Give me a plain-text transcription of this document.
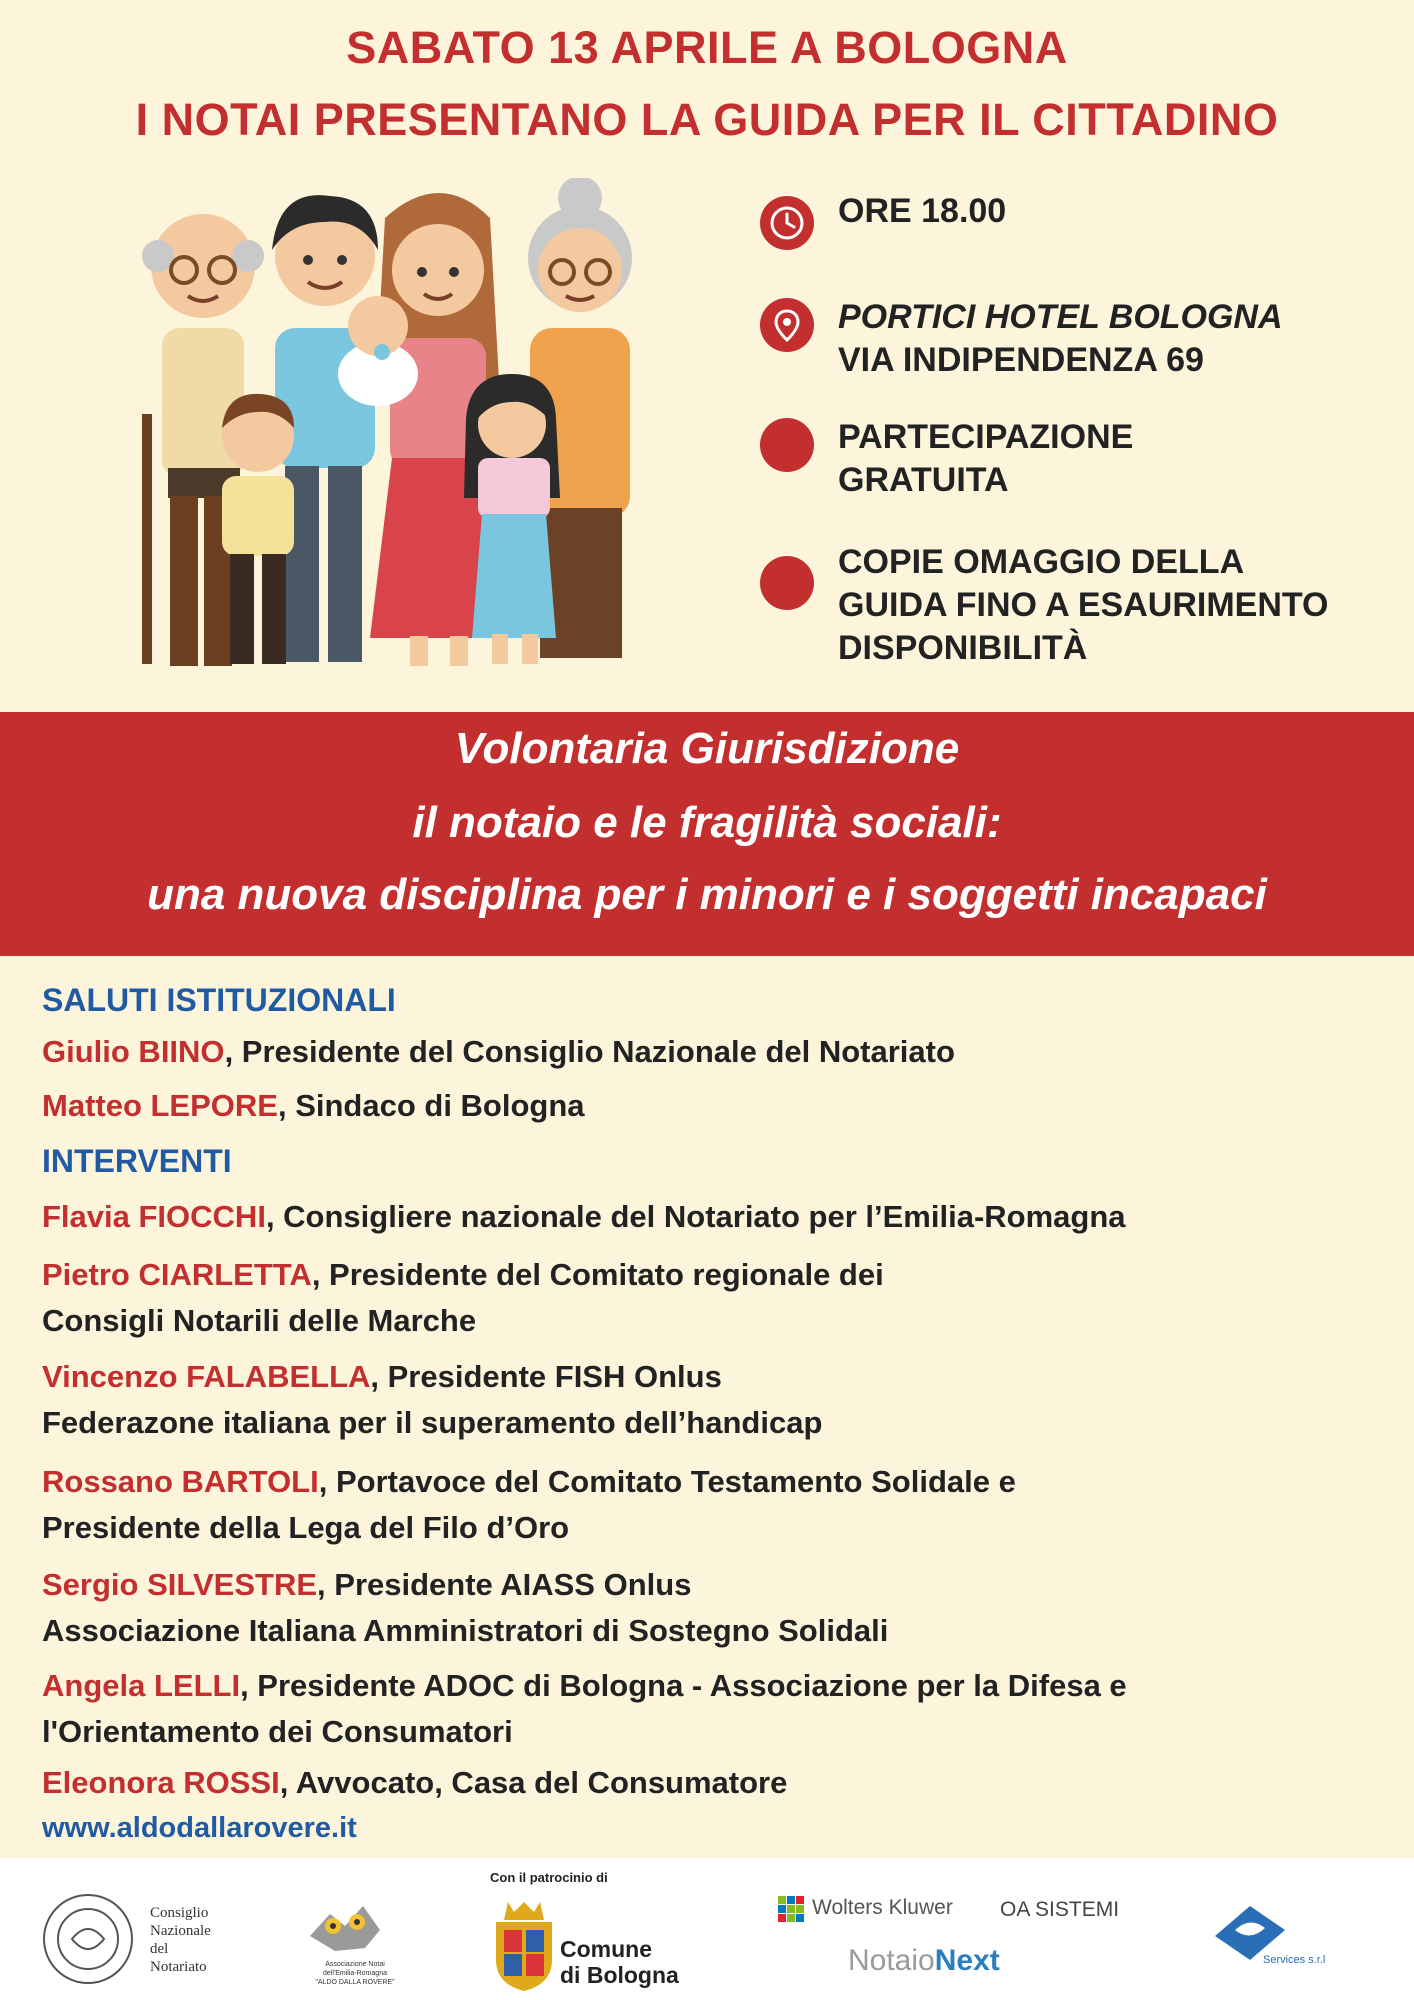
SABATO 13 APRILE A BOLOGNA
I NOTAI PRESENTANO LA GUIDA PER IL CITTADINO
ORE 18.00
PORTICI HOTEL BOLOGNA
VIA INDIPENDENZA 69
PARTECIPAZIONE
GRATUITA
COPIE OMAGGIO DELLA
GUIDA FINO A ESAURIMENTO
DISPONIBILITÀ
Volontaria Giurisdizione
il notaio e le fragilità sociali:
una nuova disciplina per i minori e i soggetti incapaci
SALUTI ISTITUZIONALI
Giulio BIINO, Presidente del Consiglio Nazionale del Notariato
Matteo LEPORE, Sindaco di Bologna
INTERVENTI
Flavia FIOCCHI, Consigliere nazionale del Notariato per l’Emilia-Romagna
Pietro CIARLETTA, Presidente del Comitato regionale dei
Consigli Notarili delle Marche
Vincenzo FALABELLA, Presidente FISH Onlus
Federazone italiana per il superamento dell’handicap
Rossano BARTOLI, Portavoce del Comitato Testamento Solidale e
Presidente della Lega del Filo d’Oro
Sergio SILVESTRE, Presidente AIASS Onlus
Associazione Italiana Amministratori di Sostegno Solidali
Angela LELLI, Presidente ADOC di Bologna - Associazione per la Difesa e
l'Orientamento dei Consumatori
Eleonora ROSSI, Avvocato, Casa del Consumatore
www.aldodallarovere.it
Consiglio
Nazionale
del
Notariato	Associazione Notai
dell'Emilia-Romagna
"ALDO DALLA ROVERE"
Con il patrocinio di
Comune
di Bologna
Wolters Kluwer OA SISTEMI
NotaioNext	Services s.r.l
